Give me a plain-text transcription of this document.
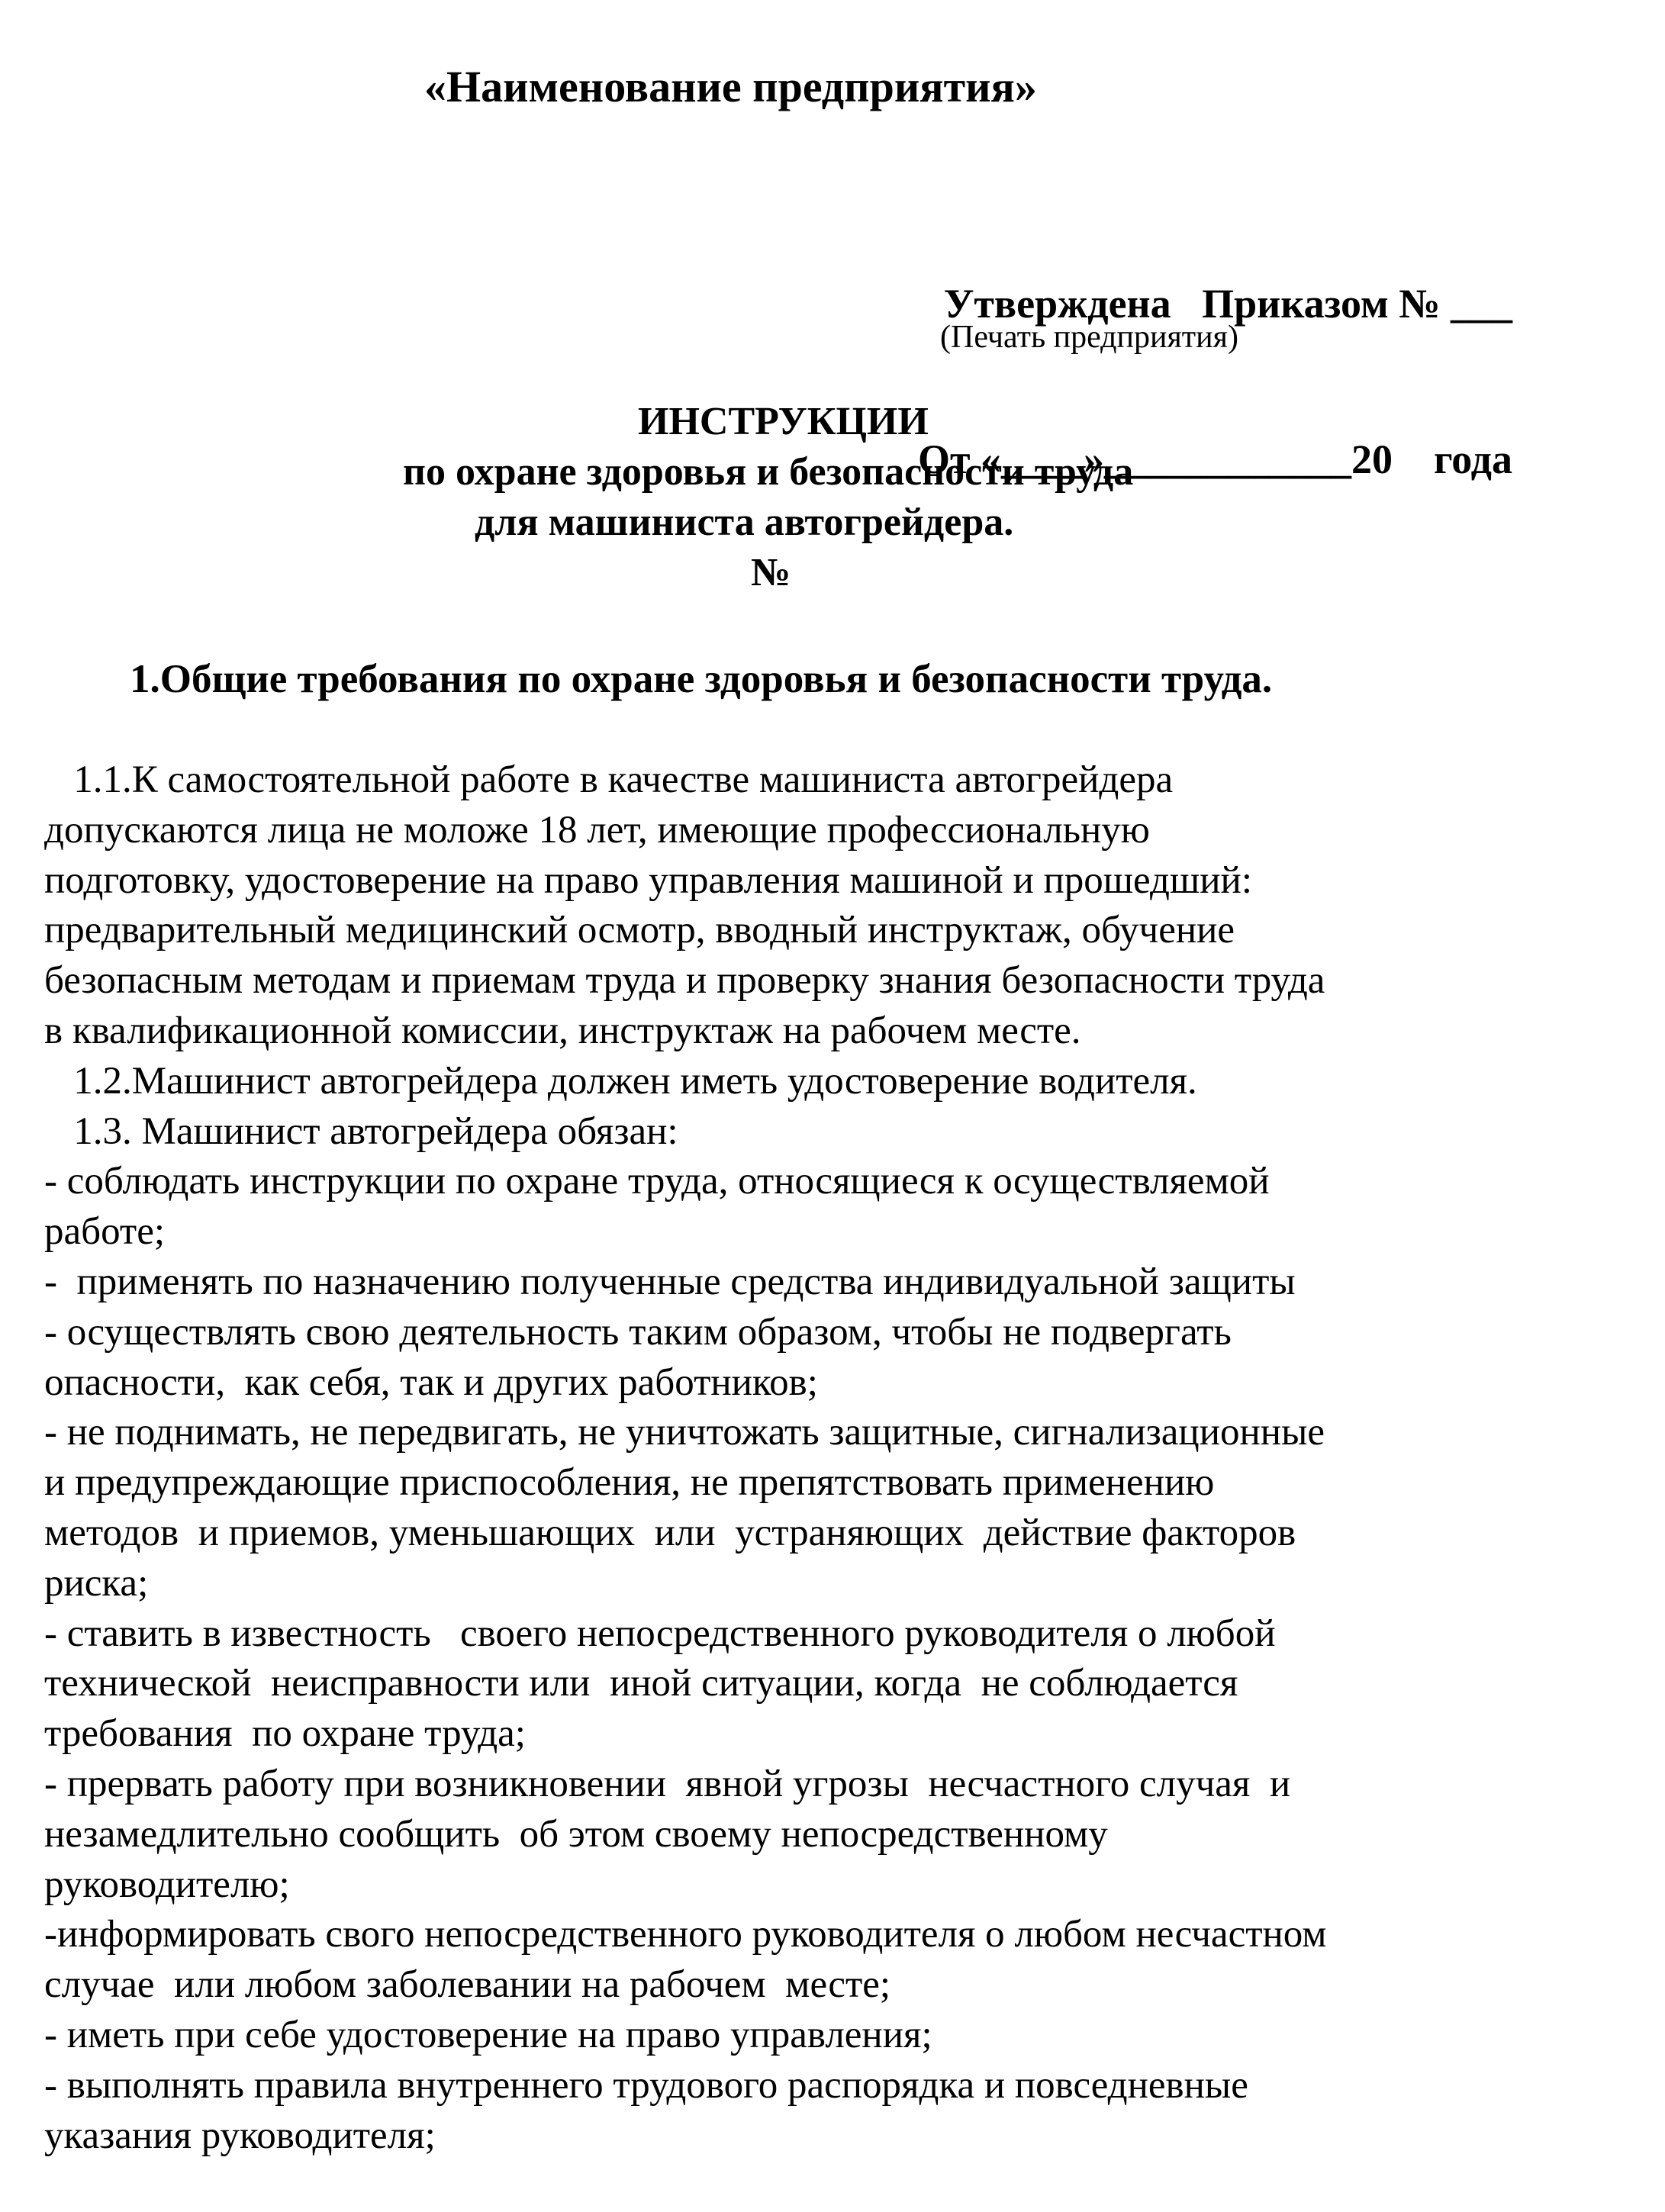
«Наименование предприятия»

Утверждена   Приказом № ___

От «____»____________20    года

(Печать предприятия)
ИНСТРУКЦИИ
по охране здоровья и безопасности труда
для машиниста автогрейдера.
№
1.Общие требования по охране здоровья и безопасности труда.
1.1.К самостоятельной работе в качестве машиниста автогрейдера
допускаются лица не моложе 18 лет, имеющие профессиональную
подготовку, удостоверение на право управления машиной и прошедший:
предварительный медицинский осмотр, вводный инструктаж, обучение
безопасным методам и приемам труда и проверку знания безопасности труда
в квалификационной комиссии, инструктаж на рабочем месте.
1.2.Машинист автогрейдера должен иметь удостоверение водителя.
1.3. Машинист автогрейдера обязан:
- соблюдать инструкции по охране труда, относящиеся к осуществляемой
работе;
-  применять по назначению полученные средства индивидуальной защиты
- осуществлять свою деятельность таким образом, чтобы не подвергать
опасности,  как себя, так и других работников;
- не поднимать, не передвигать, не уничтожать защитные, сигнализационные
и предупреждающие приспособления, не препятствовать применению
методов  и приемов, уменьшающих  или  устраняющих  действие факторов
риска;
- ставить в известность   своего непосредственного руководителя о любой
технической  неисправности или  иной ситуации, когда  не соблюдается
требования  по охране труда;
- прервать работу при возникновении  явной угрозы  несчастного случая  и
незамедлительно сообщить  об этом своему непосредственному
руководителю;
-информировать свого непосредственного руководителя о любом несчастном
случае  или любом заболевании на рабочем  месте;
- иметь при себе удостоверение на право управления;
- выполнять правила внутреннего трудового распорядка и повседневные
указания руководителя;
